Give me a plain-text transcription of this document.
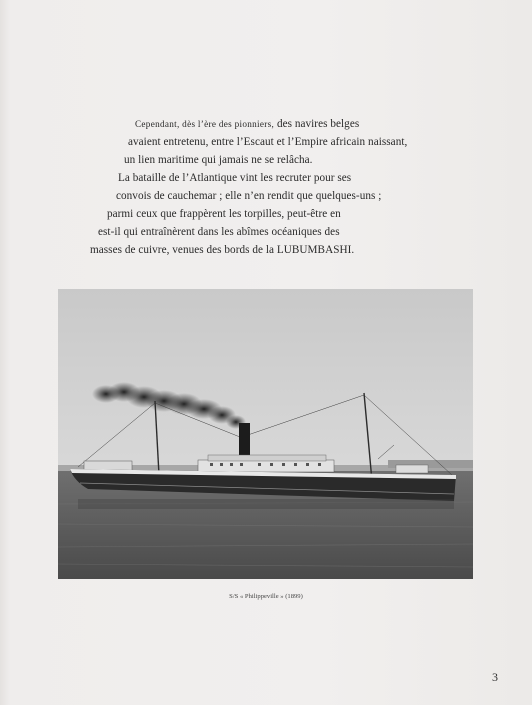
Cependant, dès l’ère des pionniers, des navires belges
avaient entretenu, entre l’Escaut et l’Empire africain naissant,
un lien maritime qui jamais ne se relâcha.
La bataille de l’Atlantique vint les recruter pour ses
convois de cauchemar ; elle n’en rendit que quelques-uns ;
parmi ceux que frappèrent les torpilles, peut-être en
est-il qui entraînèrent dans les abîmes océaniques des
masses de cuivre, venues des bords de la LUBUMBASHI.
S/S « Philippeville » (1899)
3
